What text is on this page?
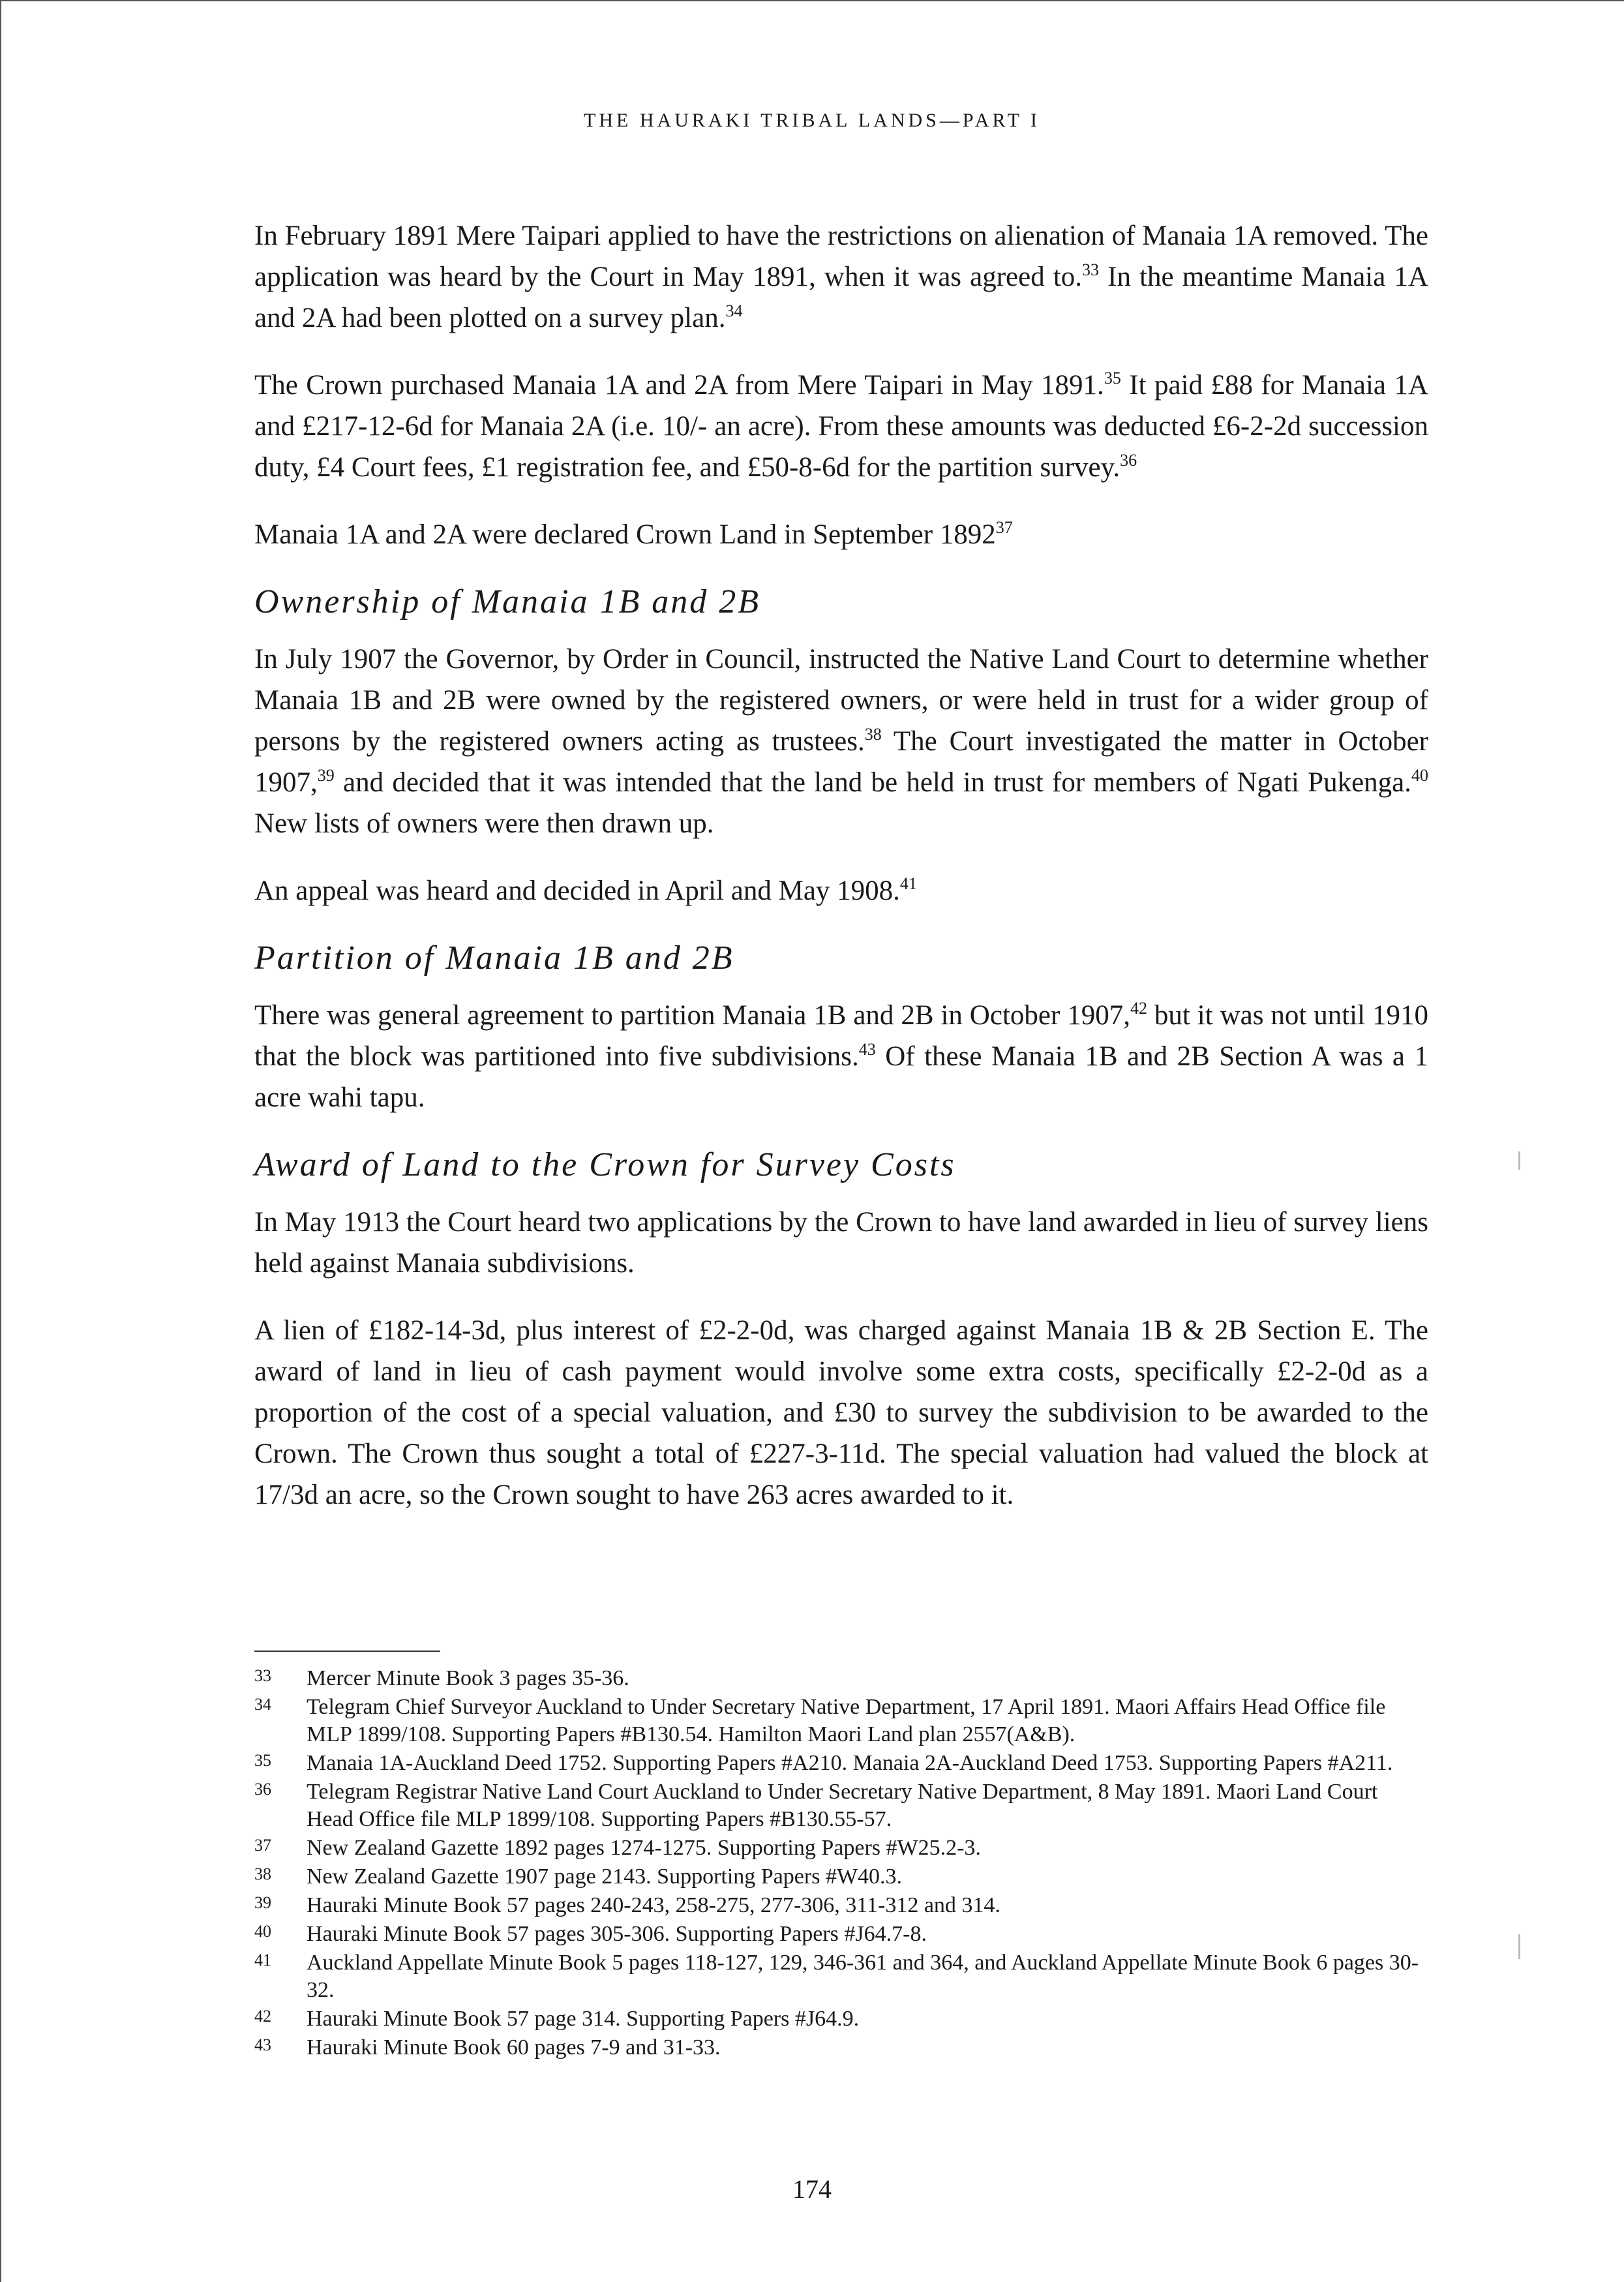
THE HAURAKI TRIBAL LANDS—PART I

In February 1891 Mere Taipari applied to have the restrictions on alienation of Manaia 1A removed. The application was heard by the Court in May 1891, when it was agreed to.$^{33}$ In the meantime Manaia 1A and 2A had been plotted on a survey plan.$^{34}$

The Crown purchased Manaia 1A and 2A from Mere Taipari in May 1891.35 It paid £88 for Manaia 1A and £217-12-6d for Manaia 2A (i.e. 10/- an acre). From these amounts was deducted £6-2-2d succession duty, £4 Court fees, £1 registration fee, and £50-8-6d for the partition survey.$^{36}$

Manaia 1A and 2A were declared Crown Land in September 1892$^{37}$

Ownership of Manaia 1B and 2B

In July 1907 the Governor, by Order in Council, instructed the Native Land Court to determine whether Manaia 1B and 2B were owned by the registered owners, or were held in trust for a wider group of persons by the registered owners acting as trustees.$^{38}$ The Court investigated the matter in October 1907,39 and decided that it was intended that the land be held in trust for members of Ngati Pukenga.$^{40}$ New lists of owners were then drawn up.

An appeal was heard and decided in April and May 1908.41

Partition of Manaia 1B and 2B

There was general agreement to partition Manaia 1B and 2B in October 1907,42 but it was not until 1910 that the block was partitioned into five subdivisions.$^{43}$ Of these Manaia 1B and 2B Section A was a 1 acre wahi tapu.

Award of Land to the Crown for Survey Costs

In May 1913 the Court heard two applications by the Crown to have land awarded in lieu of survey liens held against Manaia subdivisions.

A lien of £182-14-3d, plus interest of £2-2-0d, was charged against Manaia 1B & 2B Section E. The award of land in lieu of cash payment would involve some extra costs, specifically £2-2-0d as a proportion of the cost of a special valuation, and £30 to survey the subdivision to be awarded to the Crown. The Crown thus sought a total of £227-3-11d. The special valuation had valued the block at 17/3d an acre, so the Crown sought to have 263 acres awarded to it.

33	Mercer Minute Book 3 pages 35-36.
34	Telegram Chief Surveyor Auckland to Under Secretary Native Department, 17 April 1891. Maori Affairs Head Office file MLP 1899/108. Supporting Papers #B130.54. Hamilton Maori Land plan 2557(A&B).
35	Manaia 1A-Auckland Deed 1752. Supporting Papers #A210. Manaia 2A-Auckland Deed 1753. Supporting Papers #A211.
36	Telegram Registrar Native Land Court Auckland to Under Secretary Native Department, 8 May 1891. Maori Land Court Head Office file MLP 1899/108. Supporting Papers #B130.55-57.
37	New Zealand Gazette 1892 pages 1274-1275. Supporting Papers #W25.2-3.
38	New Zealand Gazette 1907 page 2143. Supporting Papers #W40.3.
39	Hauraki Minute Book 57 pages 240-243, 258-275, 277-306, 311-312 and 314.
40	Hauraki Minute Book 57 pages 305-306. Supporting Papers #J64.7-8.
41	Auckland Appellate Minute Book 5 pages 118-127, 129, 346-361 and 364, and Auckland Appellate Minute Book 6 pages 30-32.
42	Hauraki Minute Book 57 page 314. Supporting Papers #J64.9.
43	Hauraki Minute Book 60 pages 7-9 and 31-33.
174
